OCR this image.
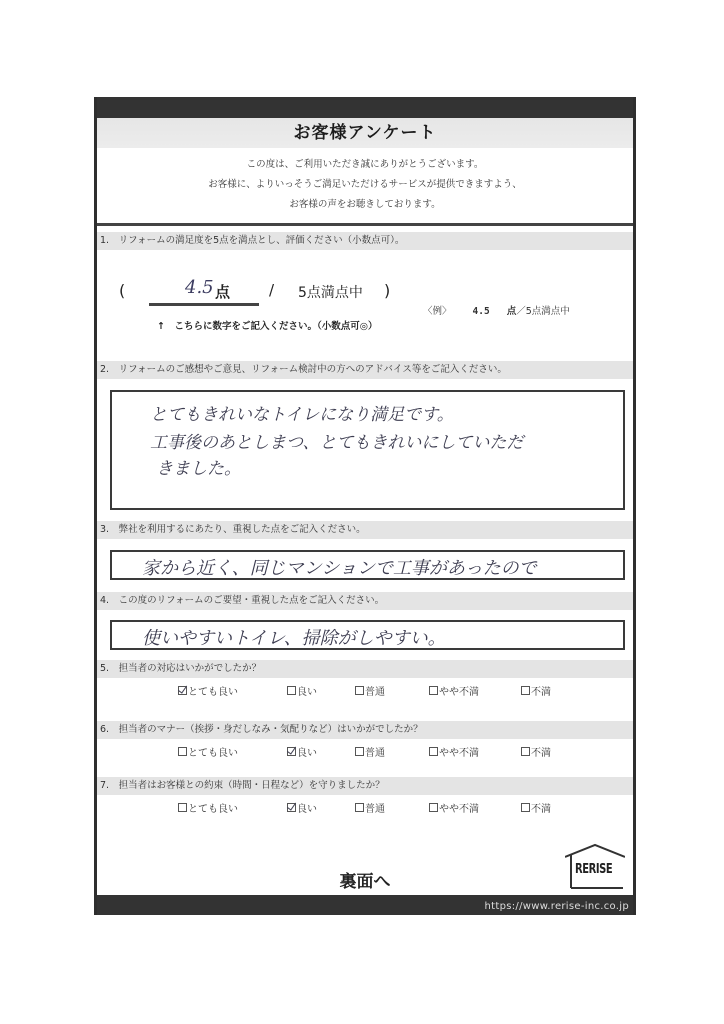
お客様アンケート
この度は、ご利用いただき誠にありがとうございます。
お客様に、よりいっそうご満足いただけるサービスが提供できますよう、
お客様の声をお聴きしております。
1.　リフォームの満足度を5点を満点とし、評価ください（小数点可）。
(	4.5 点	/ 5点満点中 )
↑　こちらに数字をご記入ください。（小数点可◎）
〈例〉 4.5 点／5点満点中
2.　リフォームのご感想やご意見、リフォーム検討中の方へのアドバイス等をご記入ください。
とてもきれいなトイレになり満足です。
工事後のあとしまつ、とてもきれいにしていただ
きました。
3.　弊社を利用するにあたり、重視した点をご記入ください。
家から近く、同じマンションで工事があったので
4.　この度のリフォームのご要望・重視した点をご記入ください。
使いやすいトイレ、掃除がしやすい。
5.　担当者の対応はいかがでしたか？
とても良い	良い	普通	やや不満	不満
6.　担当者のマナー（挨拶・身だしなみ・気配りなど）はいかがでしたか？
とても良い	良い	普通	やや不満	不満
7.　担当者はお客様との約束（時間・日程など）を守りましたか？
とても良い	良い	普通	やや不満	不満
裏面へ
RERISE
https://www.rerise-inc.co.jp
